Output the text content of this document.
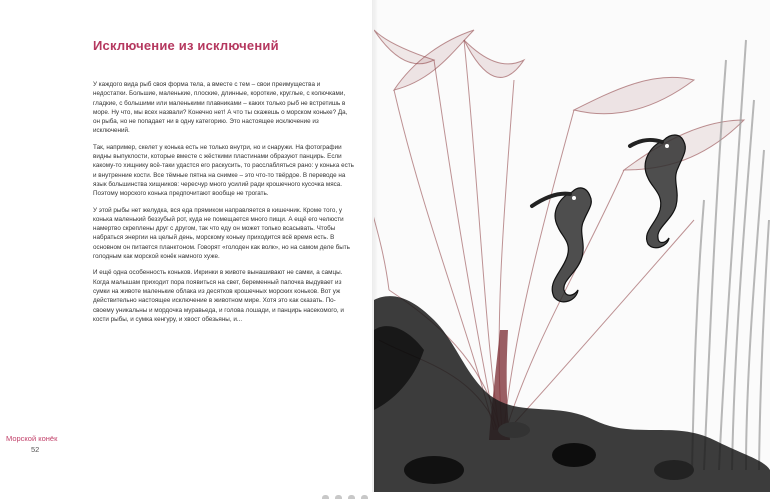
Исключение из исключений

У каждого вида рыб своя форма тела, а вместе с тем – свои преимущества и недостатки. Большие, маленькие, плоские, длинные, короткие, круглые, с колючками, гладкие, с большими или маленькими плавниками – каких только рыб не встретишь в море. Ну что, мы всех назвали? Конечно нет! А что ты скажешь о морском коньке? Да, он рыба, но не попадает ни в одну категорию. Это настоящее исключение из исключений.

Так, например, скелет у конька есть не только внутри, но и снаружи. На фотографии видны выпуклости, которые вместе с жёсткими пластинами образуют панцирь. Если какому-то хищнику всё-таки удастся его раскусить, то расслабляться рано: у конька есть и внутренние кости. Все тёмные пятна на снимке – это что-то твёрдое. В переводе на язык большинства хищников: чересчур много усилий ради крошечного кусочка мяса. Поэтому морского конька предпочитают вообще не трогать.

У этой рыбы нет желудка, вся еда прямиком направляется в кишечник. Кроме того, у конька маленький беззубый рот, куда не помещается много пищи. А ещё его челюсти намертво скреплены друг с другом, так что еду он может только всасывать. Чтобы набраться энергии на целый день, морскому коньку приходится всё время есть. В основном он питается планктоном. Говорят «голоден как волк», но на самом деле быть голодным как морской конёк намного хуже.

И ещё одна особенность коньков. Икринки в животе вынашивают не самки, а самцы. Когда малышам приходит пора появиться на свет, беременный папочка выдувает из сумки на животе маленькие облака из десятков крошечных морских коньков. Вот уж действительно настоящее исключение в животном мире. Хотя это как сказать. По-своему уникальны и мордочка муравьеда, и голова лошади, и панцирь насекомого, и кости рыбы, и сумка кенгуру, и хвост обезьяны, и...

Морской конёк
52
